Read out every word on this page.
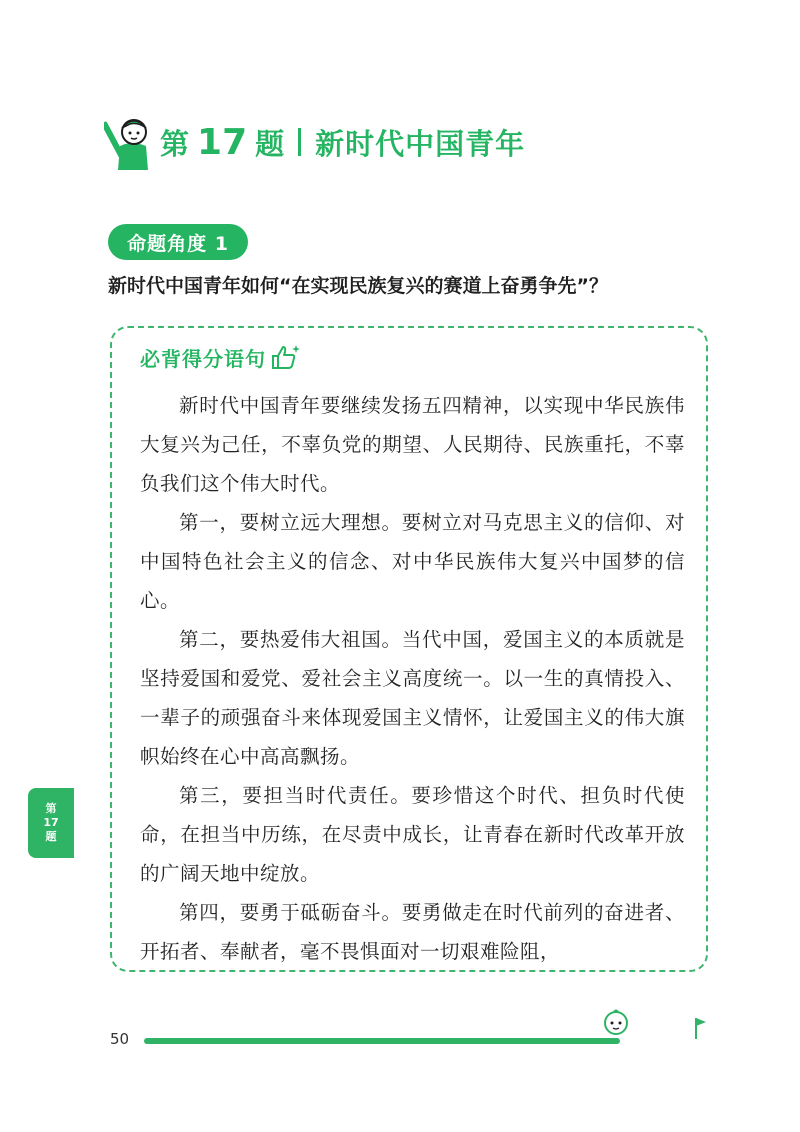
第 17 题 新时代中国青年
命题角度 1
新时代中国青年如何“在实现民族复兴的赛道上奋勇争先”？
必背得分语句

新时代中国青年要继续发扬五四精神，以实现中华民族伟大复兴为己任，不辜负党的期望、人民期待、民族重托，不辜负我们这个伟大时代。

第一，要树立远大理想。要树立对马克思主义的信仰、对中国特色社会主义的信念、对中华民族伟大复兴中国梦的信心。

第二，要热爱伟大祖国。当代中国，爱国主义的本质就是坚持爱国和爱党、爱社会主义高度统一。以一生的真情投入、一辈子的顽强奋斗来体现爱国主义情怀，让爱国主义的伟大旗帜始终在心中高高飘扬。

第三，要担当时代责任。要珍惜这个时代、担负时代使命，在担当中历练，在尽责中成长，让青春在新时代改革开放的广阔天地中绽放。

第四，要勇于砥砺奋斗。要勇做走在时代前列的奋进者、开拓者、奉献者，毫不畏惧面对一切艰难险阻，

第
17
题
50
